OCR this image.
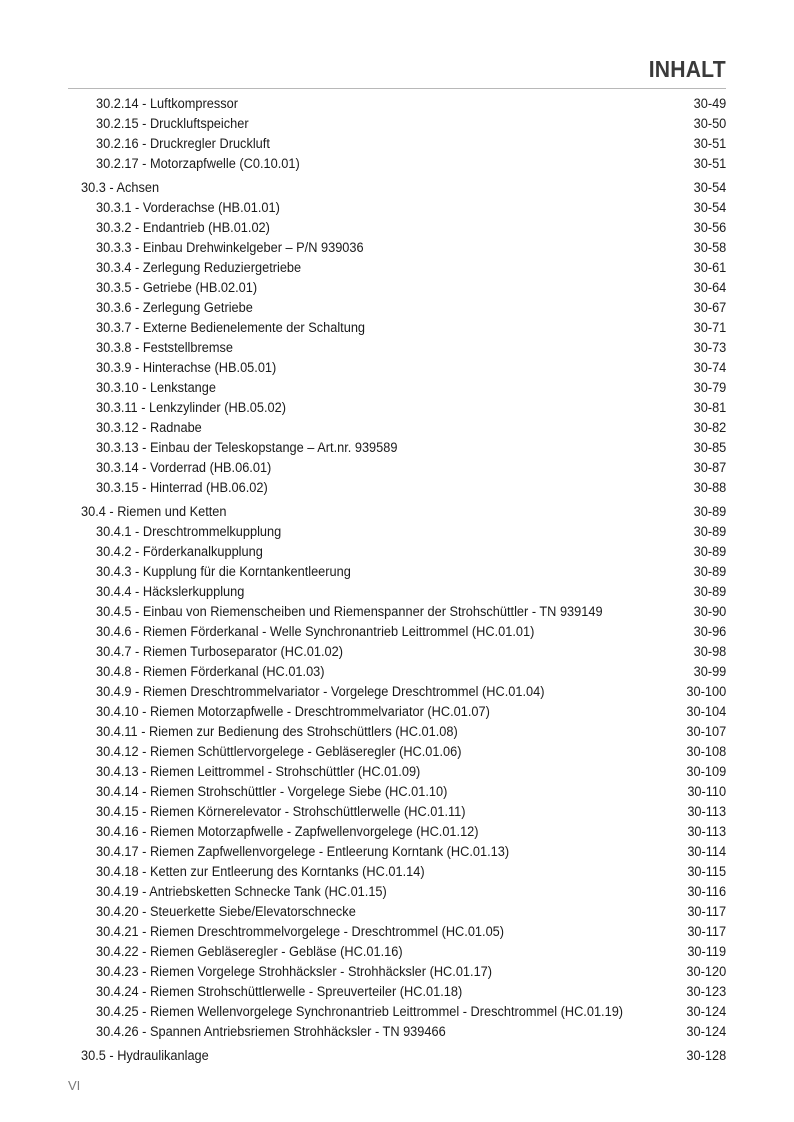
INHALT
30.2.14 - Luftkompressor	30-49
30.2.15 - Druckluftspeicher	30-50
30.2.16 - Druckregler Druckluft	30-51
30.2.17 - Motorzapfwelle (C0.10.01)	30-51
30.3 - Achsen	30-54
30.3.1 - Vorderachse (HB.01.01)	30-54
30.3.2 - Endantrieb (HB.01.02)	30-56
30.3.3 - Einbau Drehwinkelgeber – P/N 939036	30-58
30.3.4 - Zerlegung Reduziergetriebe	30-61
30.3.5 - Getriebe (HB.02.01)	30-64
30.3.6 - Zerlegung Getriebe	30-67
30.3.7 - Externe Bedienelemente der Schaltung	30-71
30.3.8 - Feststellbremse	30-73
30.3.9 - Hinterachse (HB.05.01)	30-74
30.3.10 - Lenkstange	30-79
30.3.11 - Lenkzylinder (HB.05.02)	30-81
30.3.12 - Radnabe	30-82
30.3.13 - Einbau der Teleskopstange – Art.nr. 939589	30-85
30.3.14 - Vorderrad (HB.06.01)	30-87
30.3.15 - Hinterrad (HB.06.02)	30-88
30.4 - Riemen und Ketten	30-89
30.4.1 - Dreschtrommelkupplung	30-89
30.4.2 - Förderkanalkupplung	30-89
30.4.3 - Kupplung für die Korntankentleerung	30-89
30.4.4 - Häckslerkupplung	30-89
30.4.5 - Einbau von Riemenscheiben und Riemenspanner der Strohschüttler - TN 939149	30-90
30.4.6 - Riemen Förderkanal - Welle Synchronantrieb Leittrommel (HC.01.01)	30-96
30.4.7 - Riemen Turboseparator (HC.01.02)	30-98
30.4.8 - Riemen Förderkanal (HC.01.03)	30-99
30.4.9 - Riemen Dreschtrommelvariator - Vorgelege Dreschtrommel (HC.01.04)	30-100
30.4.10 - Riemen Motorzapfwelle - Dreschtrommelvariator (HC.01.07)	30-104
30.4.11 - Riemen zur Bedienung des Strohschüttlers (HC.01.08)	30-107
30.4.12 - Riemen Schüttlervorgelege - Gebläseregler (HC.01.06)	30-108
30.4.13 - Riemen Leittrommel - Strohschüttler (HC.01.09)	30-109
30.4.14 - Riemen Strohschüttler - Vorgelege Siebe (HC.01.10)	30-110
30.4.15 - Riemen Körnerelevator - Strohschüttlerwelle (HC.01.11)	30-113
30.4.16 - Riemen Motorzapfwelle - Zapfwellenvorgelege (HC.01.12)	30-113
30.4.17 - Riemen Zapfwellenvorgelege - Entleerung Korntank (HC.01.13)	30-114
30.4.18 - Ketten zur Entleerung des Korntanks (HC.01.14)	30-115
30.4.19 - Antriebsketten Schnecke Tank (HC.01.15)	30-116
30.4.20 - Steuerkette Siebe/Elevatorschnecke	30-117
30.4.21 - Riemen Dreschtrommelvorgelege - Dreschtrommel (HC.01.05)	30-117
30.4.22 - Riemen Gebläseregler - Gebläse (HC.01.16)	30-119
30.4.23 - Riemen Vorgelege Strohhäcksler - Strohhäcksler (HC.01.17)	30-120
30.4.24 - Riemen Strohschüttlerwelle - Spreuverteiler (HC.01.18)	30-123
30.4.25 - Riemen Wellenvorgelege Synchronantrieb Leittrommel - Dreschtrommel (HC.01.19)	30-124
30.4.26 - Spannen Antriebsriemen Strohhäcksler - TN 939466	30-124
30.5 - Hydraulikanlage	30-128
VI
